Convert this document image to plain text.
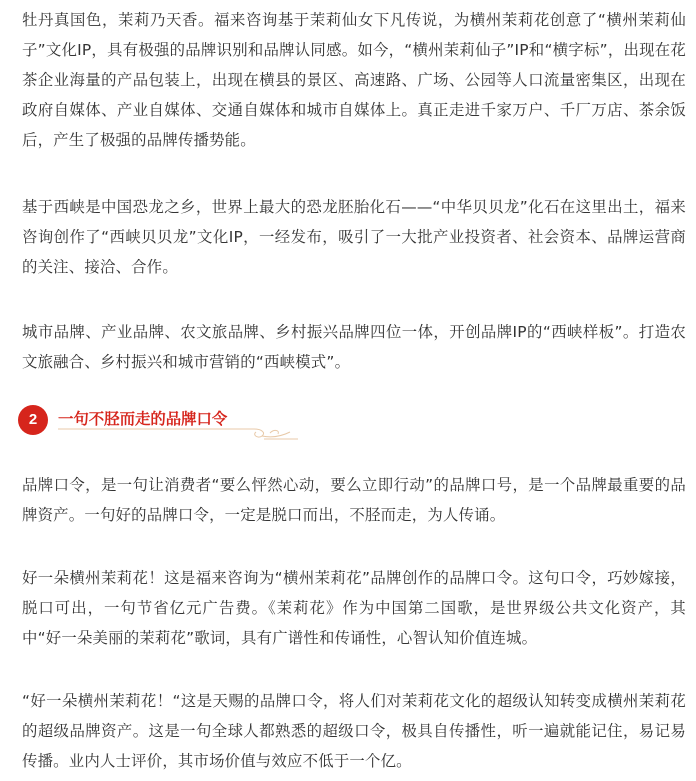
牡丹真国色，茉莉乃天香。福来咨询基于茉莉仙女下凡传说，为横州茉莉花创意了“横州茉莉仙子”文化IP，具有极强的品牌识别和品牌认同感。如今，“横州茉莉仙子”IP和“横字标”，出现在花茶企业海量的产品包装上，出现在横县的景区、高速路、广场、公园等人口流量密集区，出现在政府自媒体、产业自媒体、交通自媒体和城市自媒体上。真正走进千家万户、千厂万店、茶余饭后，产生了极强的品牌传播势能。

基于西峡是中国恐龙之乡，世界上最大的恐龙胚胎化石——“中华贝贝龙”化石在这里出土，福来咨询创作了“西峡贝贝龙”文化IP，一经发布，吸引了一大批产业投资者、社会资本、品牌运营商的关注、接洽、合作。

城市品牌、产业品牌、农文旅品牌、乡村振兴品牌四位一体，开创品牌IP的“西峡样板”。打造农文旅融合、乡村振兴和城市营销的“西峡模式”。

品牌口令，是一句让消费者“要么怦然心动，要么立即行动”的品牌口号，是一个品牌最重要的品牌资产。一句好的品牌口令，一定是脱口而出，不胫而走，为人传诵。

好一朵横州茉莉花！这是福来咨询为“横州茉莉花”品牌创作的品牌口令。这句口令，巧妙嫁接，脱口可出，一句节省亿元广告费。《茉莉花》作为中国第二国歌，是世界级公共文化资产，其中“好一朵美丽的茉莉花”歌词，具有广谱性和传诵性，心智认知价值连城。

“好一朵横州茉莉花！“这是天赐的品牌口令，将人们对茉莉花文化的超级认知转变成横州茉莉花的超级品牌资产。这是一句全球人都熟悉的超级口令，极具自传播性，听一遍就能记住，易记易传播。业内人士评价，其市场价值与效应不低于一个亿。

2	一句不胫而走的品牌口令
